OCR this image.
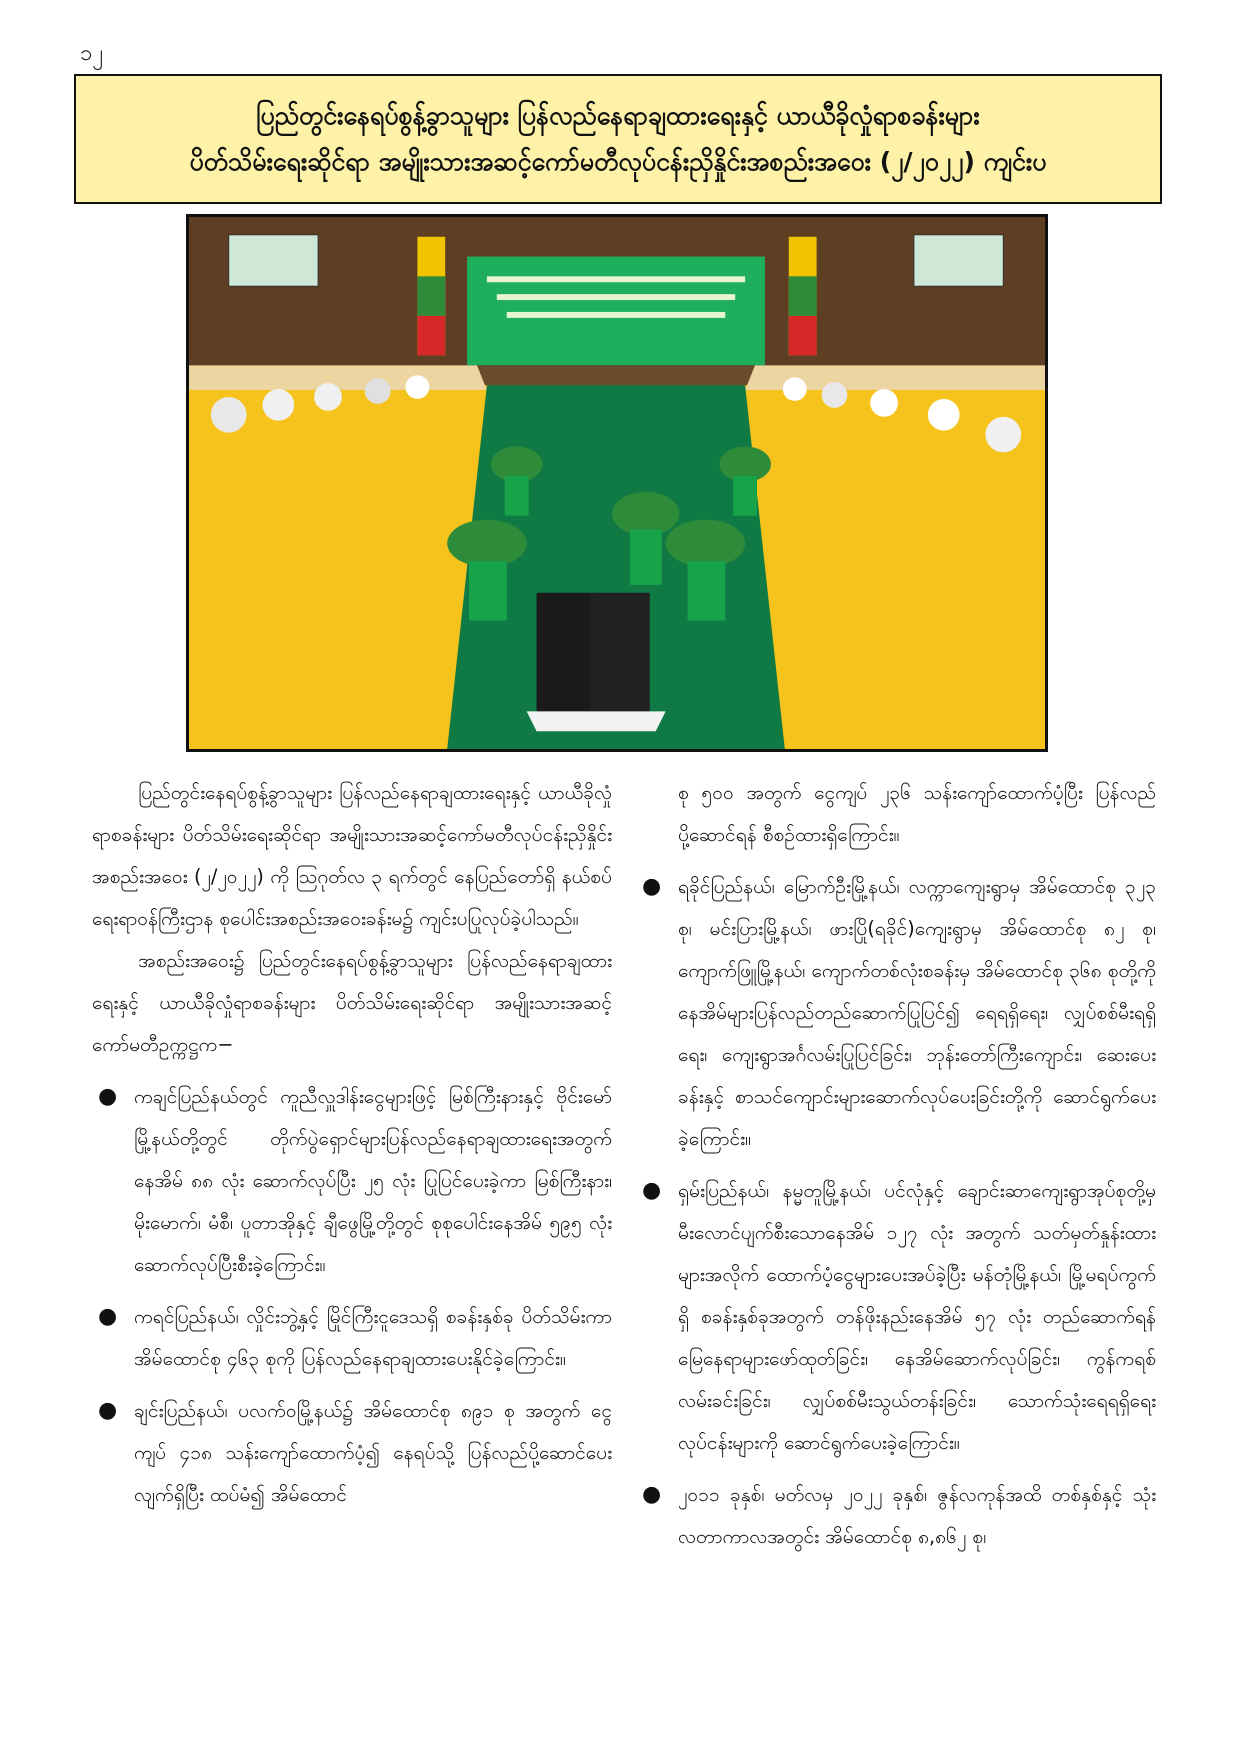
၁၂
ပြည်တွင်းနေရပ်စွန့်ခွာသူများ ပြန်လည်နေရာချထားရေးနှင့် ယာယီခိုလှုံရာစခန်းများ
ပိတ်သိမ်းရေးဆိုင်ရာ အမျိုးသားအဆင့်ကော်မတီလုပ်ငန်းညှိနှိုင်းအစည်းအဝေး (၂/၂၀၂၂) ကျင်းပ

ပြည်တွင်းနေရပ်စွန့်ခွာသူများ ပြန်လည်နေရာချထားရေးနှင့် ယာယီခိုလှုံရာစခန်းများ ပိတ်သိမ်းရေးဆိုင်ရာ အမျိုးသားအဆင့်ကော်မတီလုပ်ငန်းညှိနှိုင်းအစည်းအဝေး (၂/၂၀၂၂) ကို ဩဂုတ်လ ၃ ရက်တွင် နေပြည်တော်ရှိ နယ်စပ်ရေးရာဝန်ကြီးဌာန စုပေါင်းအစည်းအဝေးခန်းမ၌ ကျင်းပပြုလုပ်ခဲ့ပါသည်။

အစည်းအဝေး၌ ပြည်တွင်းနေရပ်စွန့်ခွာသူများ ပြန်လည်နေရာချထားရေးနှင့် ယာယီခိုလှုံရာစခန်းများ ပိတ်သိမ်းရေးဆိုင်ရာ အမျိုးသားအဆင့်ကော်မတီဥက္ကဋ္ဌက−

● ကချင်ပြည်နယ်တွင် ကူညီလှူဒါန်းငွေများဖြင့် မြစ်ကြီးနားနှင့် ဗိုင်းမော်မြို့နယ်တို့တွင် တိုက်ပွဲရှောင်များပြန်လည်နေရာချထားရေးအတွက် နေအိမ် ၈၈ လုံး ဆောက်လုပ်ပြီး ၂၅ လုံး ပြုပြင်ပေးခဲ့ကာ မြစ်ကြီးနား၊ မိုးမောက်၊ မံစီ၊ ပူတာအိုနှင့် ချီဖွေမြို့တို့တွင် စုစုပေါင်းနေအိမ် ၅၉၅ လုံး ဆောက်လုပ်ပြီးစီးခဲ့ကြောင်း။
● ကရင်ပြည်နယ်၊ လှိုင်းဘွဲ့နှင့် မြိုင်ကြီးငူဒေသရှိ စခန်းနှစ်ခု ပိတ်သိမ်းကာ အိမ်ထောင်စု ၄၆၃ စုကို ပြန်လည်နေရာချထားပေးနိုင်ခဲ့ကြောင်း။
● ချင်းပြည်နယ်၊ ပလက်ဝမြို့နယ်၌ အိမ်ထောင်စု ၈၉၁ စု အတွက် ငွေကျပ် ၄၁၈ သန်းကျော်ထောက်ပံ့၍ နေရပ်သို့ ပြန်လည်ပို့ဆောင်ပေးလျက်ရှိပြီး ထပ်မံ၍ အိမ်ထောင်

စု ၅၀၀ အတွက် ငွေကျပ် ၂၃၆ သန်းကျော်ထောက်ပံ့ပြီး ပြန်လည်ပို့ဆောင်ရန် စီစဉ်ထားရှိကြောင်း။

● ရခိုင်ပြည်နယ်၊ မြောက်ဦးမြို့နယ်၊ လက္ကာကျေးရွာမှ အိမ်ထောင်စု ၃၂၃ စု၊ မင်းပြားမြို့နယ်၊ ဖားပြို(ရခိုင်)ကျေးရွာမှ အိမ်ထောင်စု ၈၂ စု၊ ကျောက်ဖြူမြို့နယ်၊ ကျောက်တစ်လုံးစခန်းမှ အိမ်ထောင်စု ၃၆၈ စုတို့ကို နေအိမ်များပြန်လည်တည်ဆောက်ပြုပြင်၍ ရေရရှိရေး၊ လျှပ်စစ်မီးရရှိရေး၊ ကျေးရွာအင်္ဂလမ်းပြုပြင်ခြင်း၊ ဘုန်းတော်ကြီးကျောင်း၊ ဆေးပေးခန်းနှင့် စာသင်ကျောင်းများဆောက်လုပ်ပေးခြင်းတို့ကို ဆောင်ရွက်ပေးခဲ့ကြောင်း။
● ရှမ်းပြည်နယ်၊ နမ္မတူမြို့နယ်၊ ပင်လုံနှင့် ချောင်းဆာကျေးရွာအုပ်စုတို့မှ မီးလောင်ပျက်စီးသောနေအိမ် ၁၂၇ လုံး အတွက် သတ်မှတ်နှုန်းထားများအလိုက် ထောက်ပံ့ငွေများပေးအပ်ခဲ့ပြီး မန်တုံမြို့နယ်၊ မြို့မရပ်ကွက်ရှိ စခန်းနှစ်ခုအတွက် တန်ဖိုးနည်းနေအိမ် ၅၇ လုံး တည်ဆောက်ရန် မြေနေရာများဖော်ထုတ်ခြင်း၊ နေအိမ်ဆောက်လုပ်ခြင်း၊ ကွန်ကရစ်လမ်းခင်းခြင်း၊ လျှပ်စစ်မီးသွယ်တန်းခြင်း၊ သောက်သုံးရေရရှိရေးလုပ်ငန်းများကို ဆောင်ရွက်ပေးခဲ့ကြောင်း။
● ၂၀၁၁ ခုနှစ်၊ မတ်လမှ ၂၀၂၂ ခုနှစ်၊ ဇွန်လကုန်အထိ တစ်နှစ်နှင့် သုံးလတာကာလအတွင်း အိမ်ထောင်စု ၈,၈၆၂ စု၊
